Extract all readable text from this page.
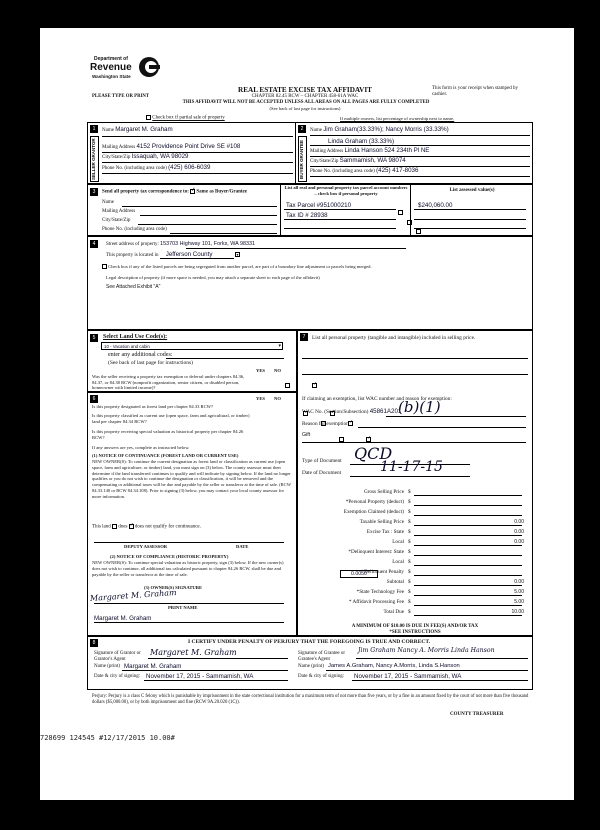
Department of
Revenue
Washington State
PLEASE TYPE OR PRINT
REAL ESTATE EXCISE TAX AFFIDAVIT
CHAPTER 82.45 RCW – CHAPTER 458-61A WAC
THIS AFFIDAVIT WILL NOT BE ACCEPTED UNLESS ALL AREAS ON ALL PAGES ARE FULLY COMPLETED
(See back of last page for instructions)
This form is your receipt when stamped by cashier.
Check box if partial sale of property	If multiple owners, list percentage of ownership next to name.
1	2
SELLER GRANTOR	BUYER GRANTEE
Name Margaret M. Graham
Mailing Address 4152 Providence Point Drive SE #108
City/State/Zip Issaquah, WA 98029
Phone No. (including area code) (425) 606-6039
Name Jim Graham(33.33%); Nancy Morris (33.33%)
Linda Graham (33.33%)
Mailing Address Linda Hanson 524 234th Pl NE
City/State/Zip Sammamish, WA 98074
Phone No. (including area code) (425) 417-8036
3	Send all property tax correspondence to: ✓ Same as Buyer/Grantee
Name
Mailing Address
City/State/Zip
Phone No. (including area code)
List all real and personal property tax parcel account numbers – check box if personal property
List assessed value(s)
Tax Parcel #951000210
	$240,060.00
Tax ID # 28938

4	Street address of property: 153703 Highway 101, Forks, WA 98331
This property is located in Jefferson County	▾
Check box if any of the listed parcels are being segregated from another parcel, are part of a boundary line adjustment or parcels being merged.
Legal description of property (if more space is needed, you may attach a separate sheet to each page of the affidavit)
See Attached Exhibit "A"
5	Select Land Use Code(s):
10 - Vacation and cabin	▾
enter any additional codes:
(See back of last page for instructions)
YES NO
Was the seller receiving a property tax exemption or deferral under chapters 84.36, 84.37, or 84.38 RCW (nonprofit organization, senior citizen, or disabled person, homeowner with limited income)?
✓
6	YES NO
Is this property designated as forest land per chapter 84.33 RCW?
✓
Is this property classified as current use (open space, farm and agricultural, or timber) land per chapter 84.34 RCW?
✓
Is this property receiving special valuation as historical property per chapter 84.26 RCW?
✓
If any answers are yes, complete as instructed below.
(1) NOTICE OF CONTINUANCE (FOREST LAND OR CURRENT USE)
NEW OWNER(S): To continue the current designation as forest land or classification as current use (open space, farm and agriculture, or timber) land, you must sign on (3) below. The county assessor must then determine if the land transferred continues to qualify and will indicate by signing below. If the land no longer qualifies or you do not wish to continue the designation or classification, it will be removed and the compensating or additional taxes will be due and payable by the seller or transferor at the time of sale. (RCW 84.33.140 or RCW 84.34.108). Prior to signing (3) below, you may contact your local county assessor for more information.
This land does ✓ does not qualify for continuance.
DEPUTY ASSESSOR	DATE
(2) NOTICE OF COMPLIANCE (HISTORIC PROPERTY)
NEW OWNER(S): To continue special valuation as historic property, sign (3) below. If the new owner(s) does not wish to continue, all additional tax calculated pursuant to chapter 84.26 RCW, shall be due and payable by the seller or transferor at the time of sale.
(3) OWNER(S) SIGNATURE
Margaret M. Graham
PRINT NAME
Margaret M. Graham
7	List all personal property (tangible and intangible) included in selling price.
If claiming an exemption, list WAC number and reason for exemption:
WAC No. (Section/Subsection) 45861A201
(b)(1)
Reason for exemption
Gift
Type of Document QCD
Date of Document	11-17-15
0.0050
A MINIMUM OF $10.00 IS DUE IN FEE(S) AND/OR TAX
*SEE INSTRUCTIONS
8	I CERTIFY UNDER PENALTY OF PERJURY THAT THE FOREGOING IS TRUE AND CORRECT.
Signature of Grantor or Grantor's Agent
Margaret M. Graham
Name (print) Margaret M. Graham
Date & city of signing: November 17, 2015 - Sammamish, WA
Signature of Grantee or Grantee's Agent
Jim Graham Nancy A. Morris Linda Hanson
Name (print) James A.Graham, Nancy A.Morris, Linda S.Hanson
Date & city of signing: November 17, 2015 - Sammamish, WA
Perjury: Perjury is a class C felony which is punishable by imprisonment in the state correctional institution for a maximum term of not more than five years, or by a fine in an amount fixed by the court of not more than five thousand dollars ($5,000.00), or by both imprisonment and fine (RCW 9A.20.020 (1C)).
COUNTY TREASURER
728699 124545 #12/17/2015 10.00#
Gross Selling Price $
*Personal Property (deduct) $
Exemption Claimed (deduct) $
Taxable Selling Price $	0.00
Excise Tax : State $	0.00
Local $	0.00
*Delinquent Interest: State $
Local $
*Delinquent Penalty $
Subtotal $	0.00
*State Technology Fee $	5.00
* Affidavit Processing Fee $	5.00
Total Due $	10.00
